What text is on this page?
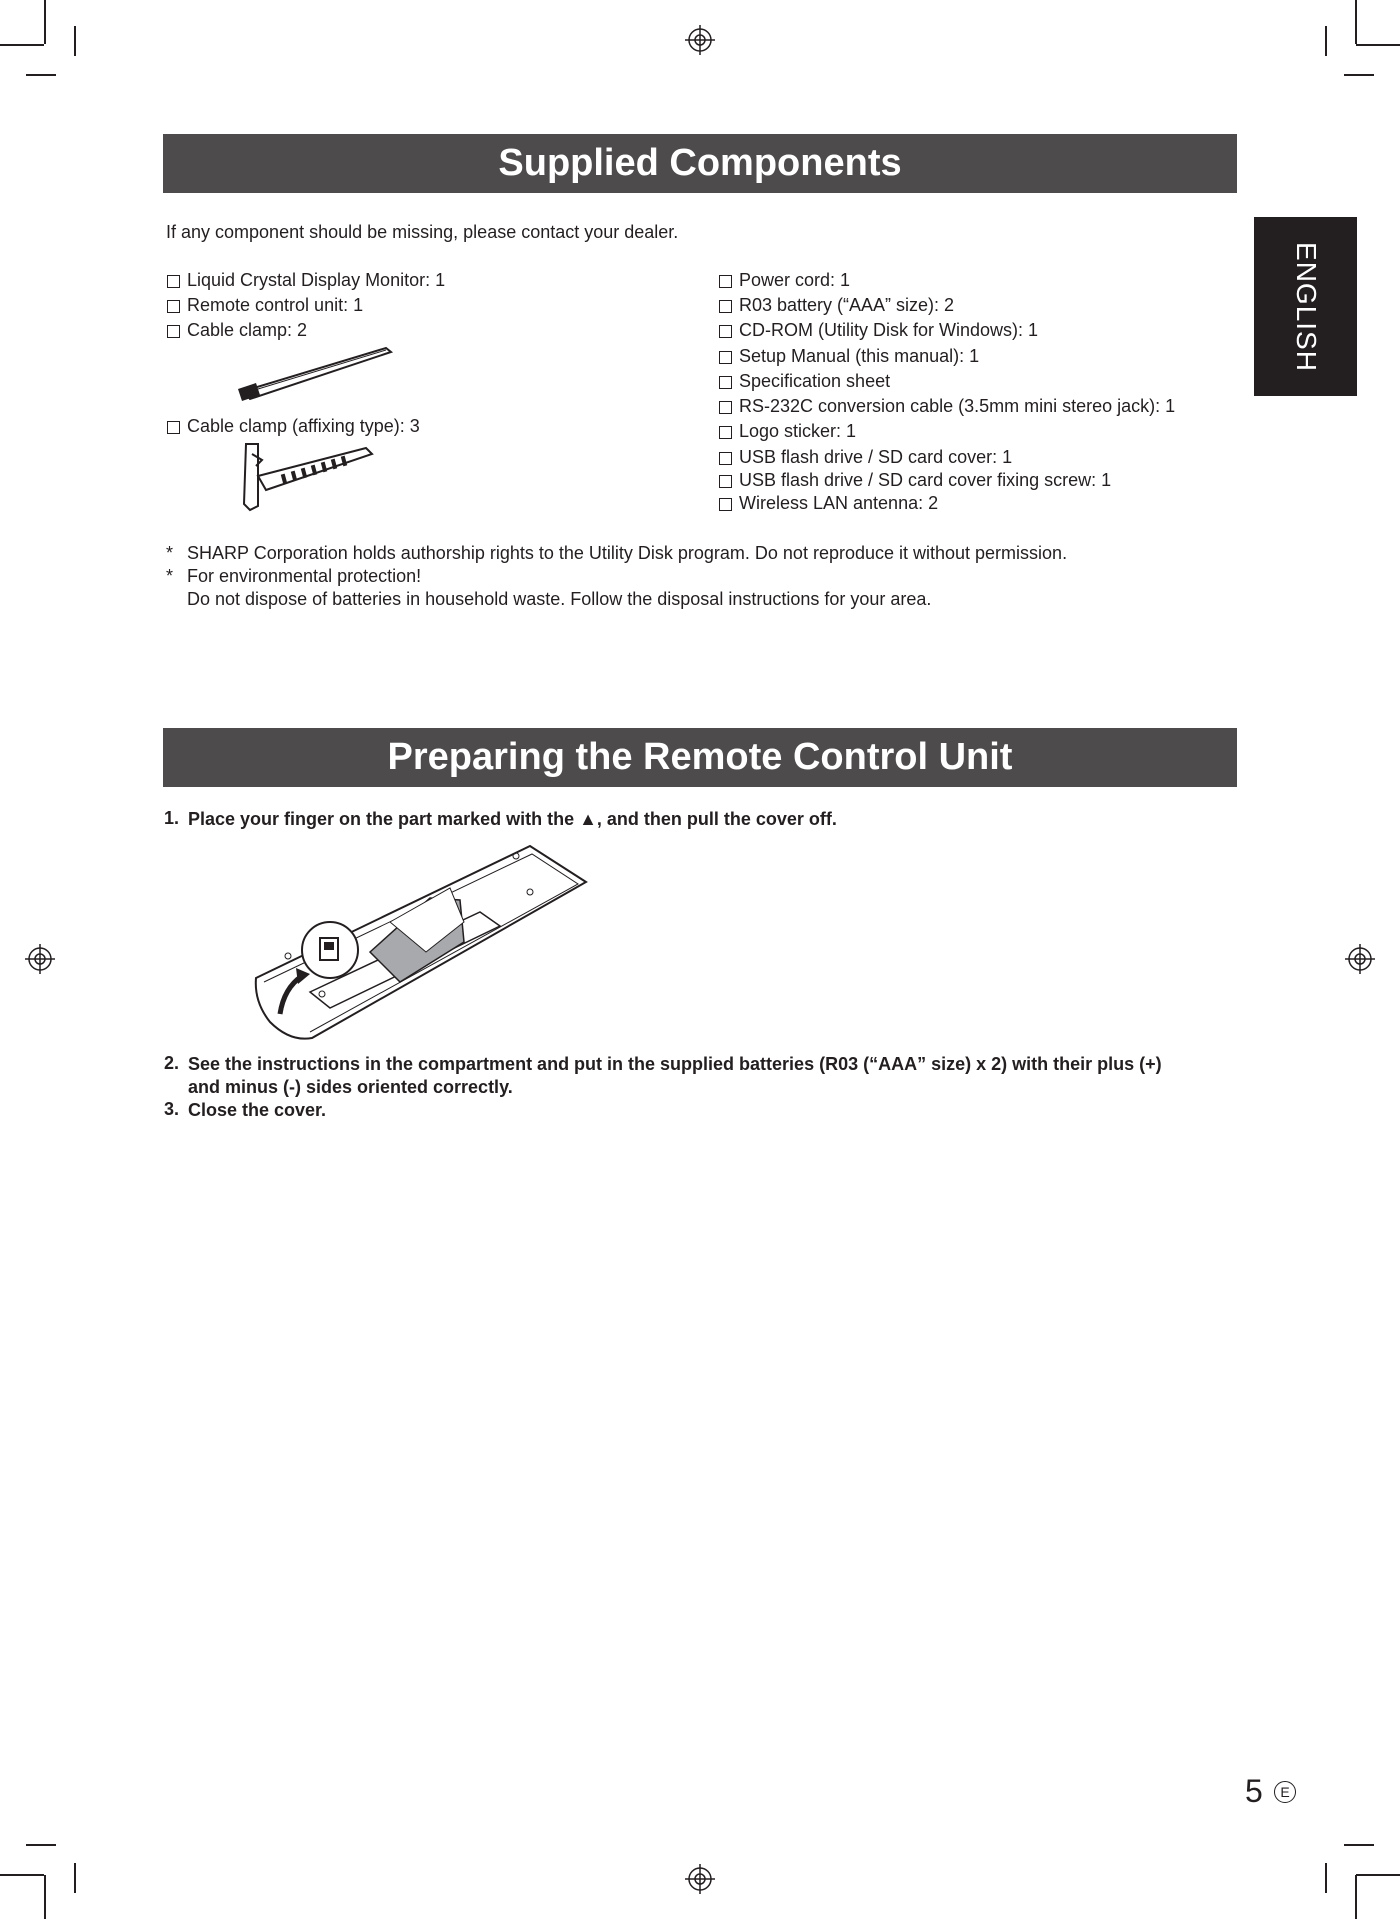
ENGLISH
Supplied Components
If any component should be missing, please contact your dealer.
Liquid Crystal Display Monitor: 1
Remote control unit: 1
Cable clamp: 2
Cable clamp (affixing type): 3
Power cord: 1
R03 battery (“AAA” size): 2
CD-ROM (Utility Disk for Windows): 1
Setup Manual (this manual): 1
Specification sheet
RS-232C conversion cable (3.5mm mini stereo jack): 1
Logo sticker: 1
USB flash drive / SD card cover: 1
USB flash drive / SD card cover fixing screw: 1
Wireless LAN antenna: 2
* SHARP Corporation holds authorship rights to the Utility Disk program. Do not reproduce it without permission.
* For environmental protection!
Do not dispose of batteries in household waste. Follow the disposal instructions for your area.
Preparing the Remote Control Unit
1. Place your finger on the part marked with the ▲, and then pull the cover off.
2. See the instructions in the compartment and put in the supplied batteries (R03 (“AAA” size) x 2) with their plus (+) and minus (-) sides oriented correctly.
3. Close the cover.
5	E
